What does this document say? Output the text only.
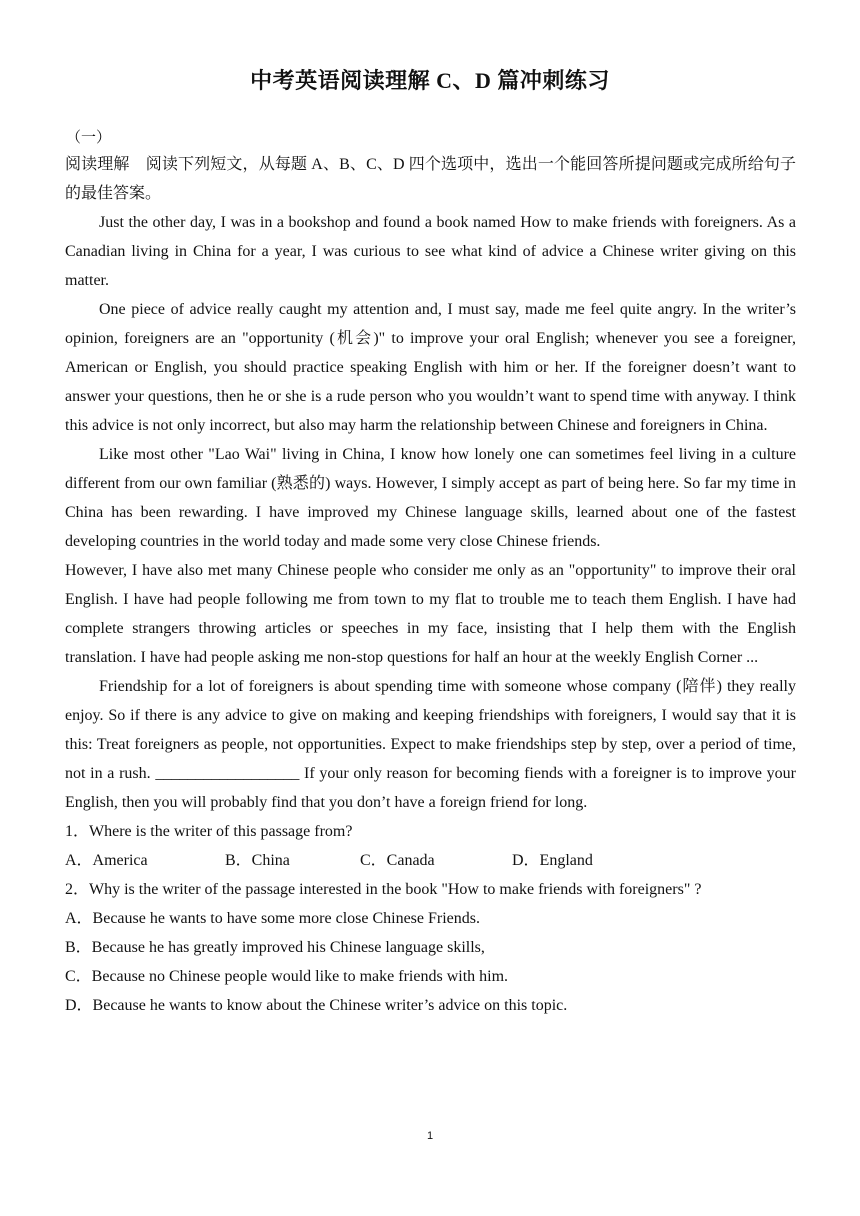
中考英语阅读理解 C、D 篇冲刺练习
（一）

阅读理解　阅读下列短文，从每题 A、B、C、D 四个选项中，选出一个能回答所提问题或完成所给句子的最佳答案。

Just the other day, I was in a bookshop and found a book named How to make friends with foreigners. As a Canadian living in China for a year, I was curious to see what kind of advice a Chinese writer giving on this matter.

One piece of advice really caught my attention and, I must say, made me feel quite angry. In the writer’s opinion, foreigners are an "opportunity (机会)" to improve your oral English; whenever you see a foreigner, American or English, you should practice speaking English with him or her. If the foreigner doesn’t want to answer your questions, then he or she is a rude person who you wouldn’t want to spend time with anyway. I think this advice is not only incorrect, but also may harm the relationship between Chinese and foreigners in China.

Like most other "Lao Wai" living in China, I know how lonely one can sometimes feel living in a culture different from our own familiar (熟悉的) ways. However, I simply accept as part of being here. So far my time in China has been rewarding. I have improved my Chinese language skills, learned about one of the fastest developing countries in the world today and made some very close Chinese friends.

However, I have also met many Chinese people who consider me only as an "opportunity" to improve their oral English. I have had people following me from town to my flat to trouble me to teach them English. I have had complete strangers throwing articles or speeches in my face, insisting that I help them with the English translation. I have had people asking me non-stop questions for half an hour at the weekly English Corner ...

Friendship for a lot of foreigners is about spending time with someone whose company (陪伴) they really enjoy. So if there is any advice to give on making and keeping friendships with foreigners, I would say that it is this: Treat foreigners as people, not opportunities. Expect to make friendships step by step, over a period of time, not in a rush. __________________ If your only reason for becoming fiends with a foreigner is to improve your English, then you will probably find that you don’t have a foreign friend for long.

1．Where is the writer of this passage from?

A．America	B．China	C．Canada	D．England

2．Why is the writer of the passage interested in the book "How to make friends with foreigners" ?

A．Because he wants to have some more close Chinese Friends.

B．Because he has greatly improved his Chinese language skills,

C．Because no Chinese people would like to make friends with him.

D．Because he wants to know about the Chinese writer’s advice on this topic.

1
